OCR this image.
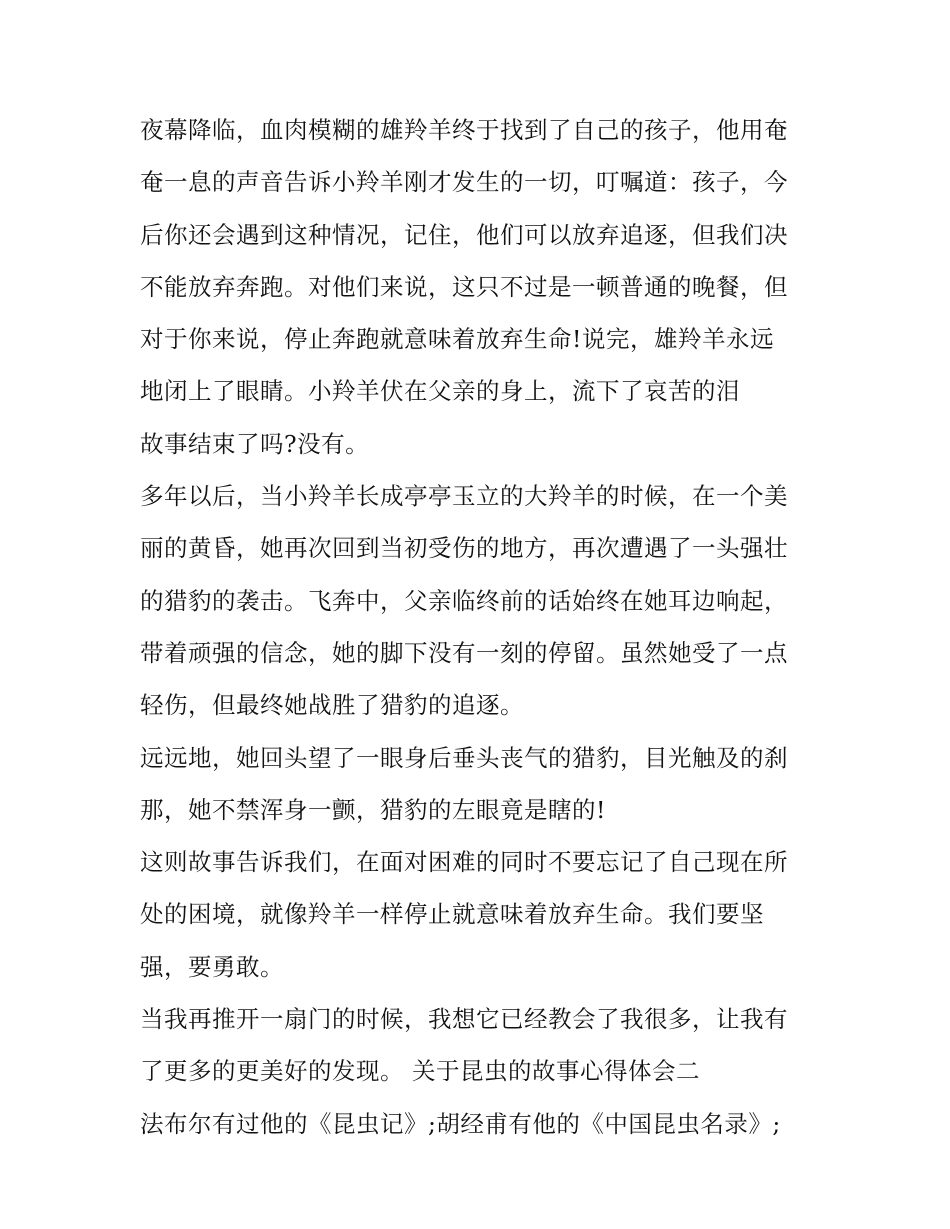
夜幕降临，血肉模糊的雄羚羊终于找到了自己的孩子，他用奄
奄一息的声音告诉小羚羊刚才发生的一切，叮嘱道：孩子，今
后你还会遇到这种情况，记住，他们可以放弃追逐，但我们决
不能放弃奔跑。对他们来说，这只不过是一顿普通的晚餐，但
对于你来说，停止奔跑就意味着放弃生命!说完，雄羚羊永远
地闭上了眼睛。小羚羊伏在父亲的身上，流下了哀苦的泪
故事结束了吗?没有。
多年以后，当小羚羊长成亭亭玉立的大羚羊的时候，在一个美
丽的黄昏，她再次回到当初受伤的地方，再次遭遇了一头强壮
的猎豹的袭击。飞奔中，父亲临终前的话始终在她耳边响起，
带着顽强的信念，她的脚下没有一刻的停留。虽然她受了一点
轻伤，但最终她战胜了猎豹的追逐。
远远地，她回头望了一眼身后垂头丧气的猎豹，目光触及的刹
那，她不禁浑身一颤，猎豹的左眼竟是瞎的!
这则故事告诉我们，在面对困难的同时不要忘记了自己现在所
处的困境，就像羚羊一样停止就意味着放弃生命。我们要坚
强，要勇敢。
当我再推开一扇门的时候，我想它已经教会了我很多，让我有
了更多的更美好的发现。 关于昆虫的故事心得体会二
法布尔有过他的《昆虫记》;胡经甫有他的《中国昆虫名录》;
